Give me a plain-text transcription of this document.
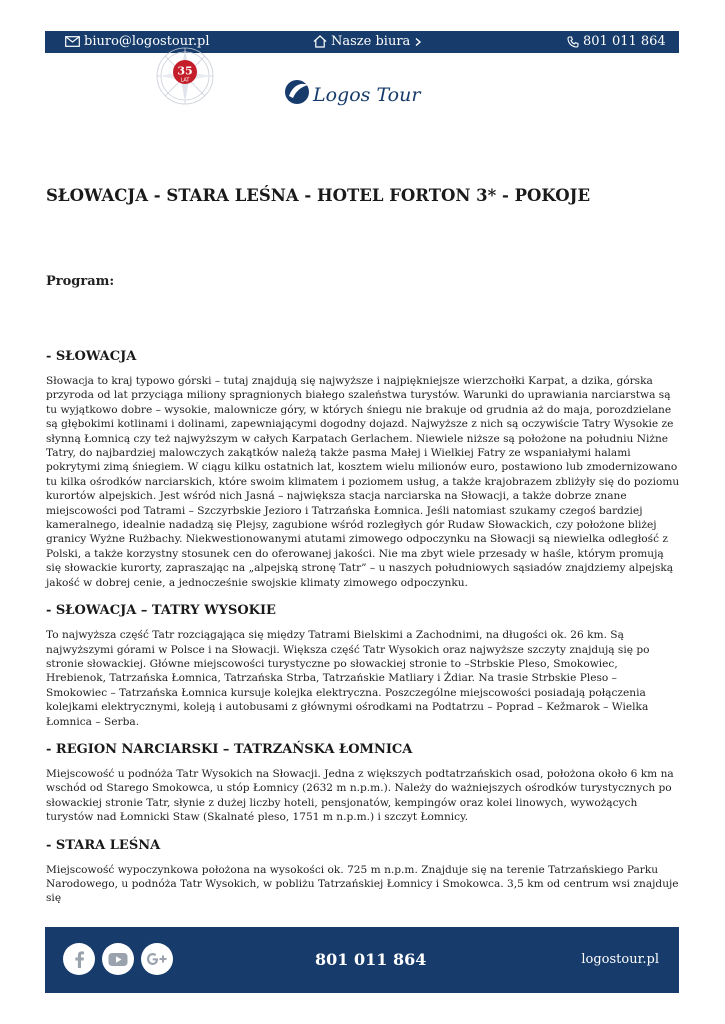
biuro@logostour.pl	Nasze biura	801 011 864
35
LAT
Logos Tour
SŁOWACJA - STARA LEŚNA - HOTEL FORTON 3* - POKOJE
Program:
- SŁOWACJA

Słowacja to kraj typowo górski – tutaj znajdują się najwyższe i najpiękniejsze wierzchołki Karpat, a dzika, górska przyroda od lat przyciąga miliony spragnionych białego szaleństwa turystów. Warunki do uprawiania narciarstwa są tu wyjątkowo dobre – wysokie, malownicze góry, w których śniegu nie brakuje od grudnia aż do maja, porozdzielane są głębokimi kotlinami i dolinami, zapewniającymi dogodny dojazd. Najwyższe z nich są oczywiście Tatry Wysokie ze słynną Łomnicą czy też najwyższym w całych Karpatach Gerlachem. Niewiele niższe są położone na południu Niżne Tatry, do najbardziej malowczych zakątków należą także pasma Małej i Wielkiej Fatry ze wspaniałymi halami pokrytymi zimą śniegiem. W ciągu kilku ostatnich lat, kosztem wielu milionów euro, postawiono lub zmodernizowano tu kilka ośrodków narciarskich, które swoim klimatem i poziomem usług, a także krajobrazem zbliżyły się do poziomu kurortów alpejskich. Jest wśród nich Jasná – największa stacja narciarska na Słowacji, a także dobrze znane miejscowości pod Tatrami – Szczyrbskie Jezioro i Tatrzańska Łomnica. Jeśli natomiast szukamy czegoś bardziej kameralnego, idealnie nadadzą się Plejsy, zagubione wśród rozległych gór Rudaw Słowackich, czy położone bliżej granicy Wyżne Rużbachy. Niekwestionowanymi atutami zimowego odpoczynku na Słowacji są niewielka odległość z Polski, a także korzystny stosunek cen do oferowanej jakości. Nie ma zbyt wiele przesady w haśle, którym promują się słowackie kurorty, zapraszając na „alpejską stronę Tatr” – u naszych południowych sąsiadów znajdziemy alpejską jakość w dobrej cenie, a jednocześnie swojskie klimaty zimowego odpoczynku.

- SŁOWACJA – TATRY WYSOKIE

To najwyższa część Tatr rozciągająca się między Tatrami Bielskimi a Zachodnimi, na długości ok. 26 km. Są najwyższymi górami w Polsce i na Słowacji. Większa część Tatr Wysokich oraz najwyższe szczyty znajdują się po stronie słowackiej. Główne miejscowości turystyczne po słowackiej stronie to –Strbskie Pleso, Smokowiec, Hrebienok, Tatrzańska Łomnica, Tatrzańska Strba, Tatrzańskie Matliary i Żdiar. Na trasie Strbskie Pleso – Smokowiec – Tatrzańska Łomnica kursuje kolejka elektryczna. Poszczególne miejscowości posiadają połączenia kolejkami elektrycznymi, koleją i autobusami z głównymi ośrodkami na Podtatrzu – Poprad – Kežmarok – Wielka Łomnica – Serba.

- REGION NARCIARSKI – TATRZAŃSKA ŁOMNICA

Miejscowość u podnóża Tatr Wysokich na Słowacji. Jedna z większych podtatrzańskich osad, położona około 6 km na wschód od Starego Smokowca, u stóp Łomnicy (2632 m n.p.m.). Należy do ważniejszych ośrodków turystycznych po słowackiej stronie Tatr, słynie z dużej liczby hoteli, pensjonatów, kempingów oraz kolei linowych, wywożących turystów nad Łomnicki Staw (Skalnaté pleso, 1751 m n.p.m.) i szczyt Łomnicy.

- STARA LEŚNA

Miejscowość wypoczynkowa położona na wysokości ok. 725 m n.p.m. Znajduje się na terenie Tatrzańskiego Parku Narodowego, u podnóża Tatr Wysokich, w pobliżu Tatrzańskiej Łomnicy i Smokowca. 3,5 km od centrum wsi znajduje się

801 011 864	logostour.pl
